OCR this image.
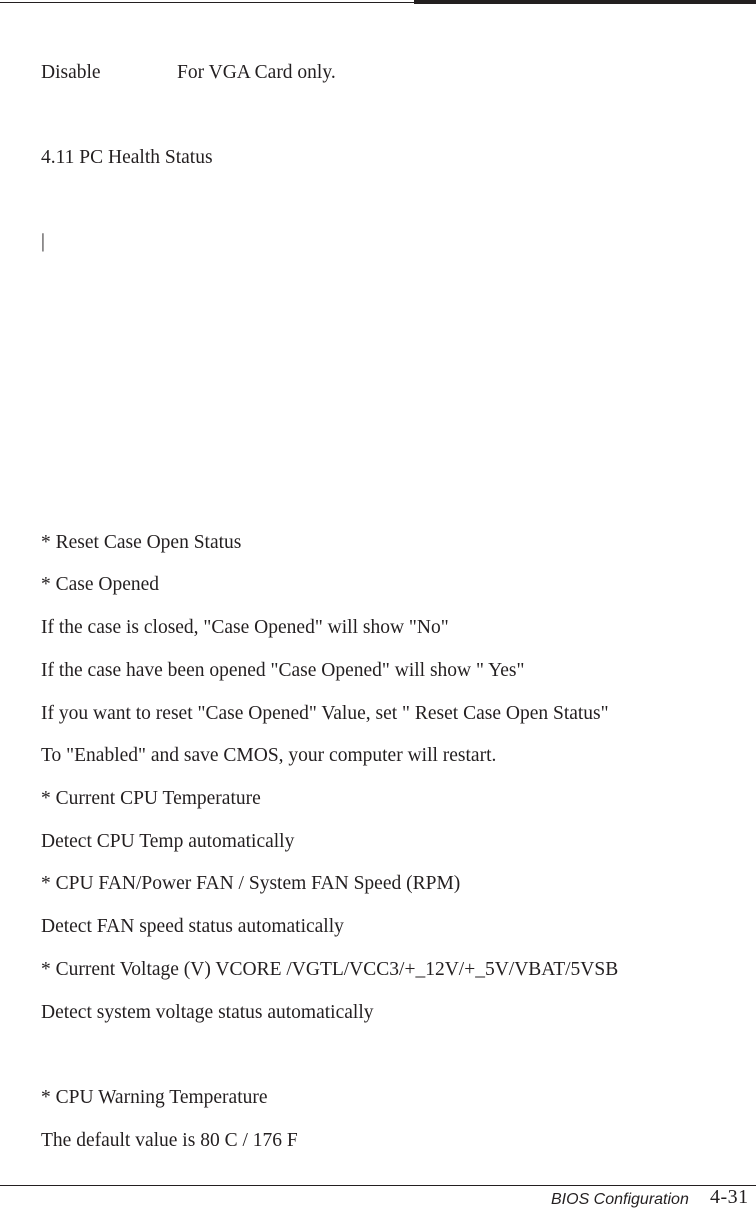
Disable	For VGA Card only.
4.11 PC Health Status
|
* Reset Case Open Status
* Case Opened
If the case is closed, "Case Opened" will show "No"
If the case have been opened "Case Opened" will show " Yes"
If you want to reset "Case Opened" Value, set " Reset Case Open Status"
To "Enabled" and save CMOS, your computer will restart.
* Current CPU Temperature
Detect CPU Temp automatically
* CPU FAN/Power FAN / System FAN Speed (RPM)
Detect FAN speed status automatically
* Current Voltage (V) VCORE /VGTL/VCC3/+_12V/+_5V/VBAT/5VSB
Detect system voltage status automatically
* CPU Warning Temperature
The default value is 80 C / 176 F
BIOS Configuration 4-31
